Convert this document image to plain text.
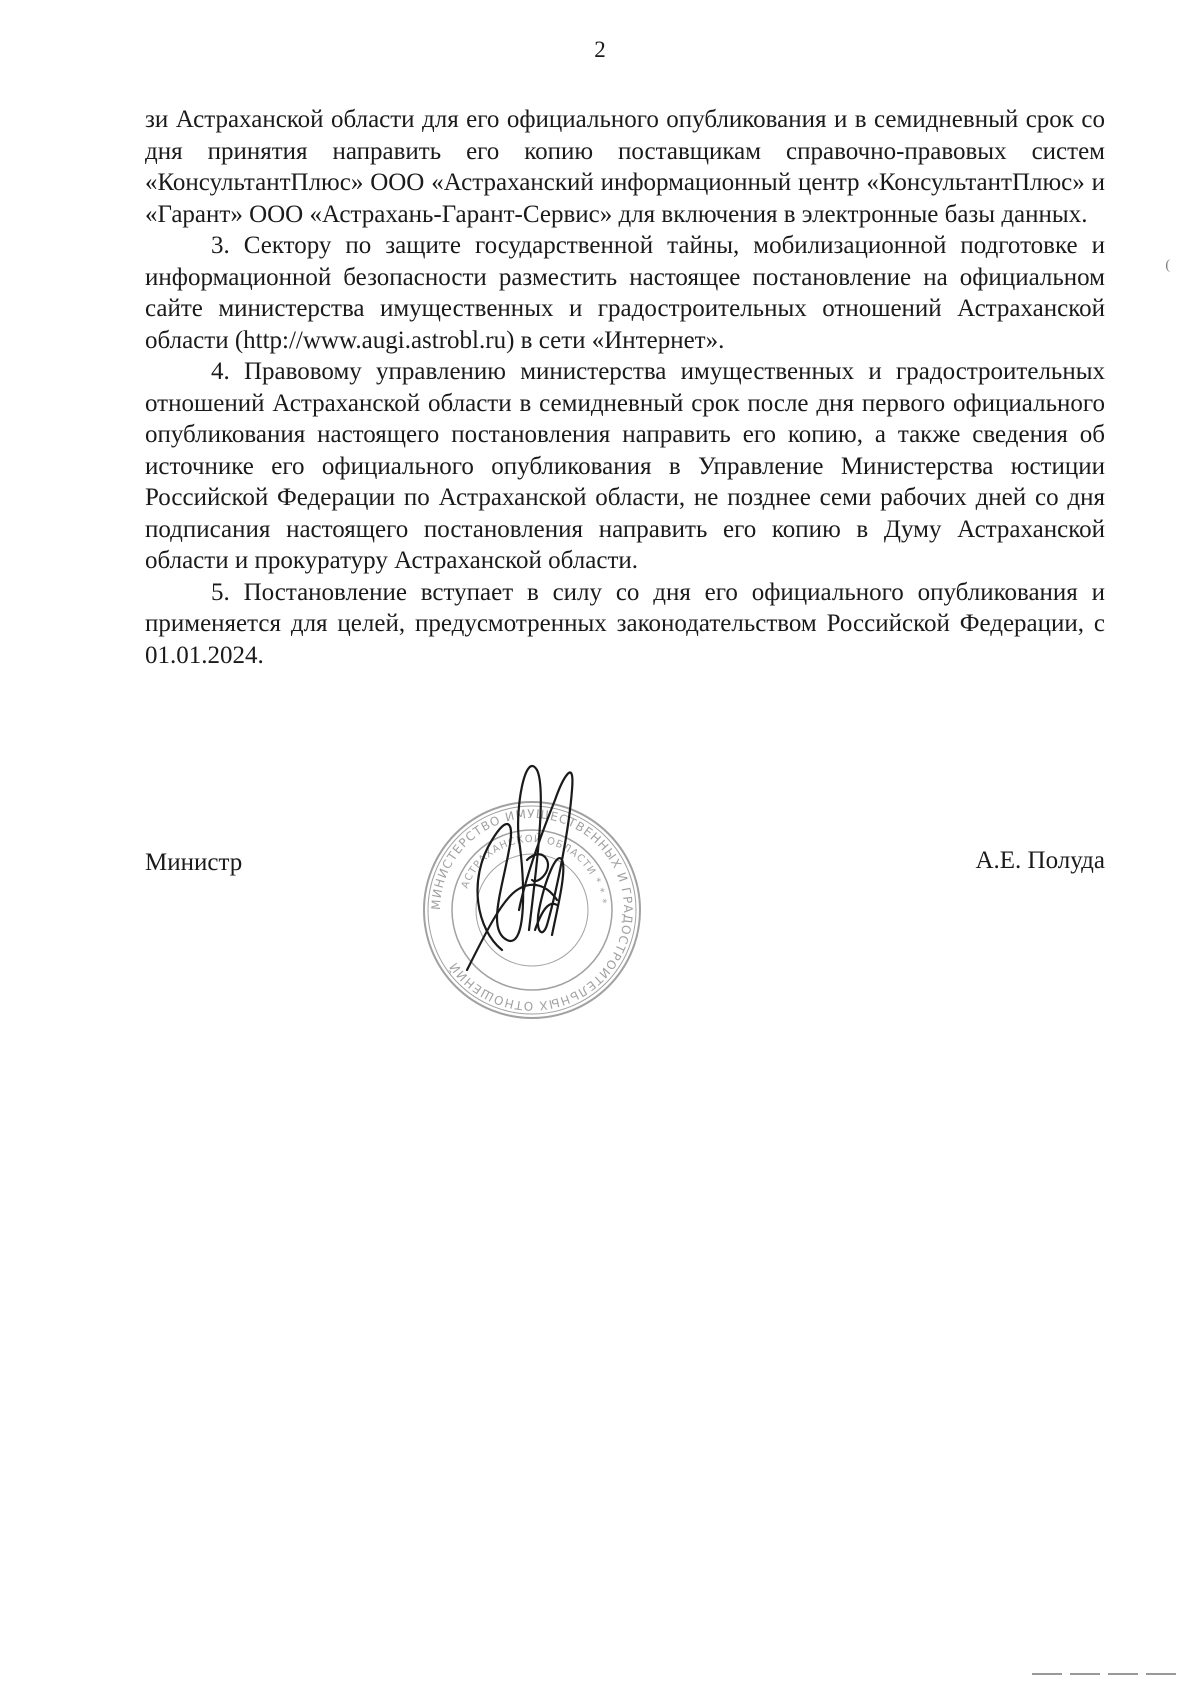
2

зи Астраханской области для его официального опубликования и в семидневный срок со дня принятия направить его копию поставщикам справочно-правовых систем «КонсультантПлюс» ООО «Астраханский информационный центр «КонсультантПлюс» и «Гарант» ООО «Астрахань-Гарант-Сервис» для включения в электронные базы данных.

3. Сектору по защите государственной тайны, мобилизационной подготовке и информационной безопасности разместить настоящее постановление на официальном сайте министерства имущественных и градостроительных отношений Астраханской области (http://www.augi.astrobl.ru) в сети «Интернет».

4. Правовому управлению министерства имущественных и градостроительных отношений Астраханской области в семидневный срок после дня первого официального опубликования настоящего постановления направить его копию, а также сведения об источнике его официального опубликования в Управление Министерства юстиции Российской Федерации по Астраханской области, не позднее семи рабочих дней со дня подписания настоящего постановления направить его копию в Думу Астраханской области и прокуратуру Астраханской области.

5. Постановление вступает в силу со дня его официального опубликования и применяется для целей, предусмотренных законодательством Российской Федерации, с 01.01.2024.

Министр	А.Е. Полуда
МИНИСТЕРСТВО ИМУЩЕСТВЕННЫХ И ГРАДОСТРОИТЕЛЬНЫХ ОТНОШЕНИЙ
АСТРАХАНСКОЙ ОБЛАСТИ * * *
(
